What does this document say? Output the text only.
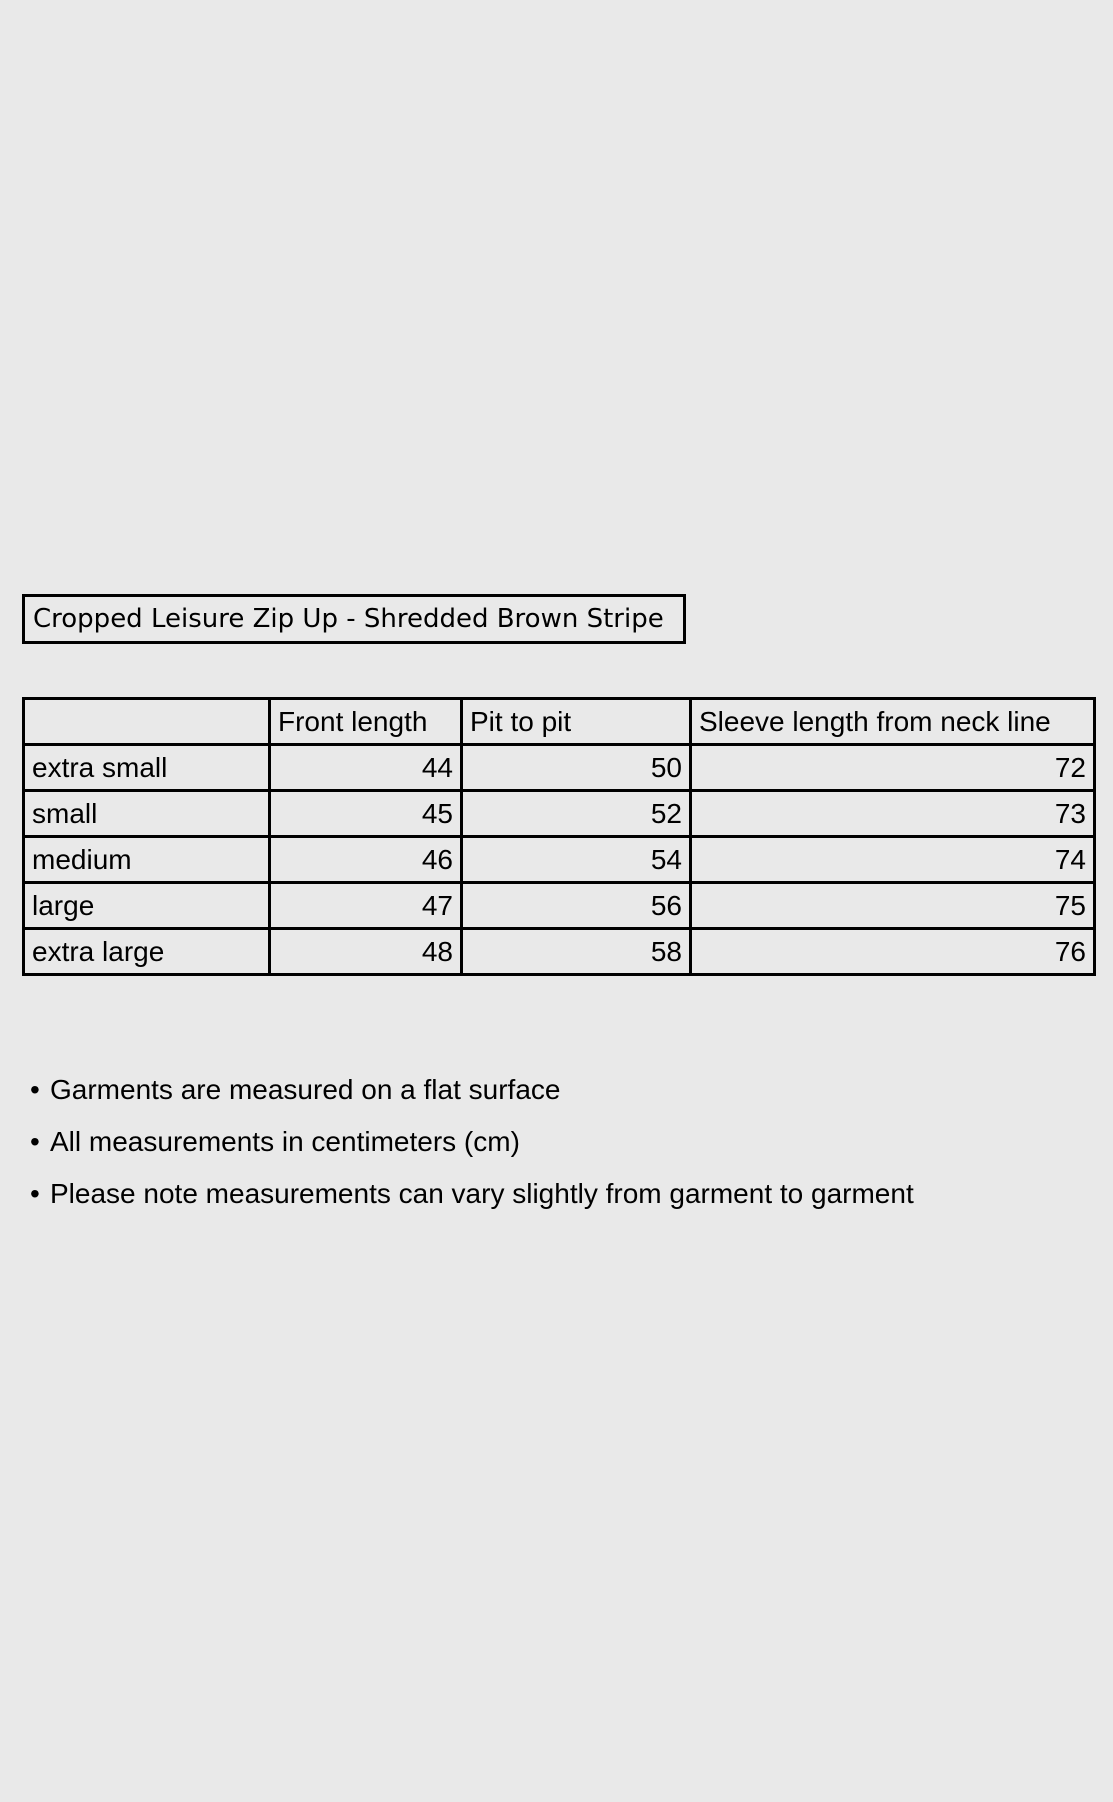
Cropped Leisure Zip Up - Shredded Brown Stripe
	Front length	Pit to pit	Sleeve length from neck line
extra small	44	50	72
small	45	52	73
medium	46	54	74
large	47	56	75
extra large	48	58	76
• Garments are measured on a flat surface
• All measurements in centimeters (cm)
• Please note measurements can vary slightly from garment to garment
